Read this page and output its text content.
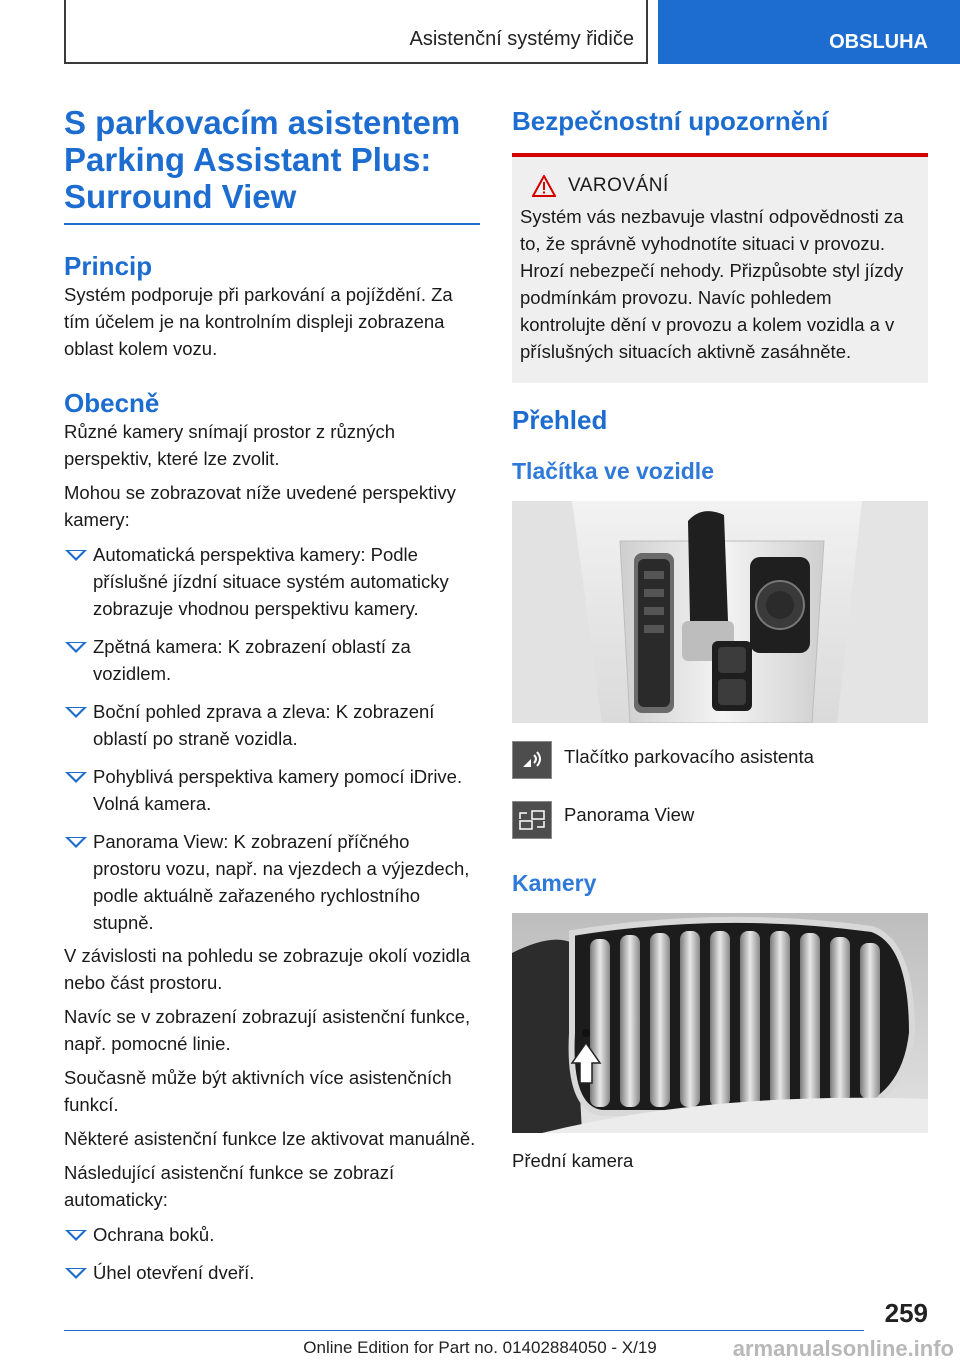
Asistenční systémy řidiče	OBSLUHA
S parkovacím asistentem Parking Assistant Plus: Surround View
Princip

Systém podporuje při parkování a pojíždění. Za tím účelem je na kontrolním displeji zobrazena oblast kolem vozu.

Obecně

Různé kamery snímají prostor z různých perspektiv, které lze zvolit.

Mohou se zobrazovat níže uvedené perspektivy kamery:

Automatická perspektiva kamery: Podle příslušné jízdní situace systém automaticky zobrazuje vhodnou perspektivu kamery.
Zpětná kamera: K zobrazení oblastí za vozidlem.
Boční pohled zprava a zleva: K zobrazení oblastí po straně vozidla.
Pohyblivá perspektiva kamery pomocí iDrive. Volná kamera.
Panorama View: K zobrazení příčného prostoru vozu, např. na vjezdech a výjezdech, podle aktuálně zařazeného rychlostního stupně.

V závislosti na pohledu se zobrazuje okolí vozidla nebo část prostoru.

Navíc se v zobrazení zobrazují asistenční funkce, např. pomocné linie.

Současně může být aktivních více asistenčních funkcí.

Některé asistenční funkce lze aktivovat manuálně.

Následující asistenční funkce se zobrazí automaticky:

Ochrana boků.
Úhel otevření dveří.
Bezpečnostní upozornění
VAROVÁNÍ

Systém vás nezbavuje vlastní odpovědnosti za to, že správně vyhodnotíte situaci v provozu. Hrozí nebezpečí nehody. Přizpůsobte styl jízdy podmínkám provozu. Navíc pohledem kontrolujte dění v provozu a kolem vozidla a v příslušných situacích aktivně zasáhněte.

Přehled
Tlačítka ve vozidle

Tlačítko parkovacího asistenta

Panorama View

Kamery

Přední kamera

259
Online Edition for Part no. 01402884050 - X/19	armanualsonline.info
